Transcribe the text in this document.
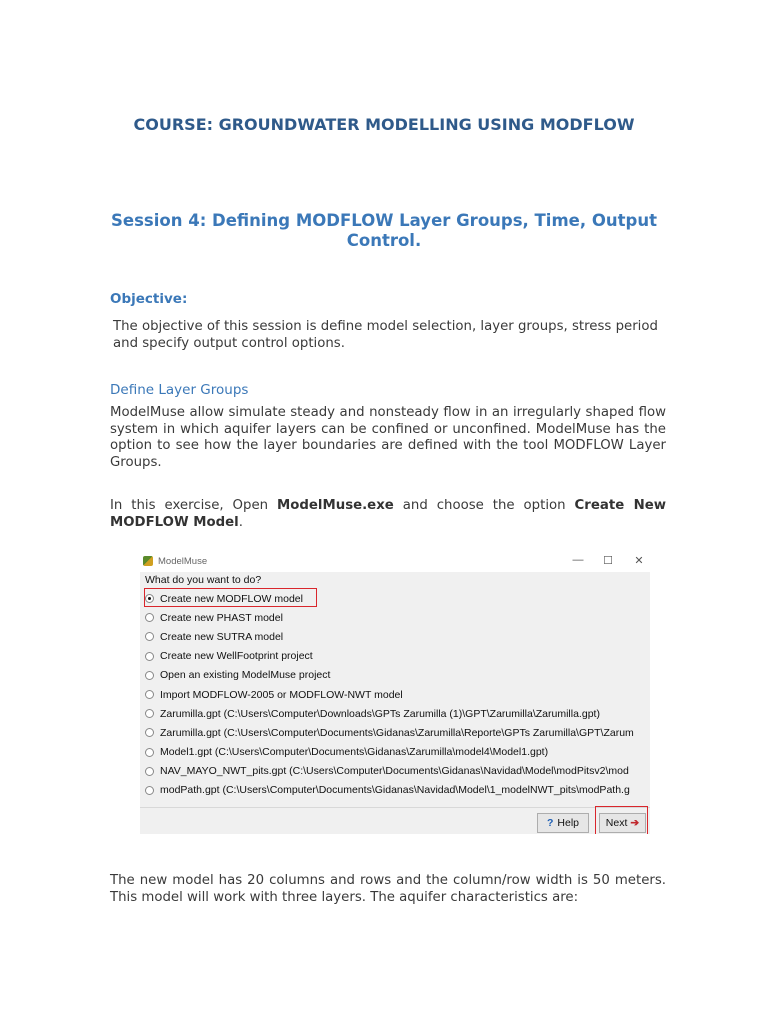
COURSE: GROUNDWATER MODELLING USING MODFLOW
Session 4: Defining MODFLOW Layer Groups, Time, Output Control.
Objective:
The objective of this session is define model selection, layer groups, stress period and specify output control options.
Define Layer Groups
ModelMuse allow simulate steady and nonsteady flow in an irregularly shaped flow system in which aquifer layers can be confined or unconfined. ModelMuse has the option to see how the layer boundaries are defined with the tool MODFLOW Layer Groups.
In this exercise, Open ModelMuse.exe and choose the option Create New MODFLOW Model.
ModelMuse	— ☐	✕
What do you want to do?
Create new MODFLOW model
Create new PHAST model
Create new SUTRA model
Create new WellFootprint project
Open an existing ModelMuse project
Import MODFLOW-2005 or MODFLOW-NWT model
Zarumilla.gpt (C:\Users\Computer\Downloads\GPTs Zarumilla (1)\GPT\Zarumilla\Zarumilla.gpt)
Zarumilla.gpt (C:\Users\Computer\Documents\Gidanas\Zarumilla\Reporte\GPTs Zarumilla\GPT\Zarum
Model1.gpt (C:\Users\Computer\Documents\Gidanas\Zarumilla\model4\Model1.gpt)
NAV_MAYO_NWT_pits.gpt (C:\Users\Computer\Documents\Gidanas\Navidad\Model\modPitsv2\mod
modPath.gpt (C:\Users\Computer\Documents\Gidanas\Navidad\Model\1_modelNWT_pits\modPath.g
? Help	Next ➔
The new model has 20 columns and rows and the column/row width is 50 meters. This model will work with three layers. The aquifer characteristics are:
